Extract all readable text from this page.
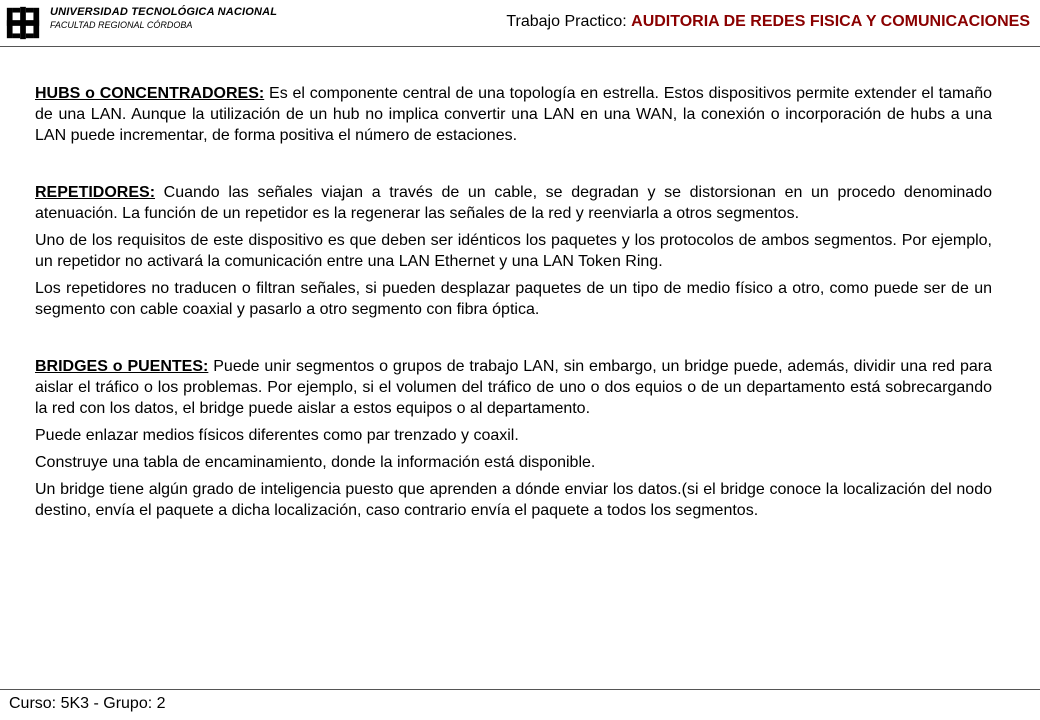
UNIVERSIDAD TECNOLÓGICA NACIONAL
FACULTAD REGIONAL CÓRDOBA	Trabajo Practico: AUDITORIA DE REDES FISICA Y COMUNICACIONES

HUBS o CONCENTRADORES: Es el componente central de una topología en estrella. Estos dispositivos permite extender el tamaño de una LAN. Aunque la utilización de un hub no implica convertir una LAN en una WAN, la conexión o incorporación de hubs a una LAN puede incrementar, de forma positiva el número de estaciones.

REPETIDORES: Cuando las señales viajan a través de un cable, se degradan y se distorsionan en un procedo denominado atenuación. La función de un repetidor es la regenerar las señales de la red y reenviarla a otros segmentos.

Uno de los requisitos de este dispositivo es que deben ser idénticos los paquetes y los protocolos de ambos segmentos. Por ejemplo, un repetidor no activará la comunicación entre una LAN Ethernet y una LAN Token Ring.

Los repetidores no traducen o filtran señales, si pueden desplazar paquetes de un tipo de medio físico a otro, como puede ser de un segmento con cable coaxial y pasarlo a otro segmento con fibra óptica.

BRIDGES o PUENTES: Puede unir segmentos o grupos de trabajo LAN, sin embargo, un bridge puede, además, dividir una red para aislar el tráfico o los problemas. Por ejemplo, si el volumen del tráfico de uno o dos equios o de un departamento está sobrecargando la red con los datos, el bridge puede aislar a estos equipos o al departamento.

Puede enlazar medios físicos diferentes como par trenzado y coaxil.

Construye una tabla de encaminamiento, donde la información está disponible.

Un bridge tiene algún grado de inteligencia puesto que aprenden a dónde enviar los datos.(si el bridge conoce la localización del nodo destino, envía el paquete a dicha localización, caso contrario envía el paquete a todos los segmentos.

Curso: 5K3 - Grupo: 2
